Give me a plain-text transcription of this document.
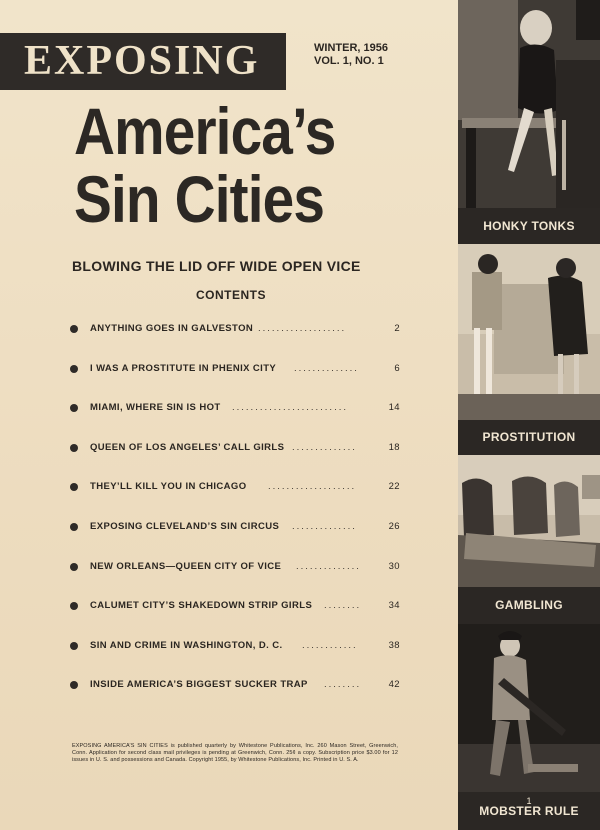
EXPOSING	WINTER, 1956
VOL. 1, NO. 1
America’s
Sin Cities
BLOWING THE LID OFF WIDE OPEN VICE
CONTENTS
ANYTHING GOES IN GALVESTON ...................	2
I WAS A PROSTITUTE IN PHENIX CITY ..............	6
MIAMI, WHERE SIN IS HOT .........................	14
QUEEN OF LOS ANGELES’ CALL GIRLS ..............	18
THEY’LL KILL YOU IN CHICAGO ...................	22
EXPOSING CLEVELAND’S SIN CIRCUS ..............	26
NEW ORLEANS—QUEEN CITY OF VICE ..............	30
CALUMET CITY’S SHAKEDOWN STRIP GIRLS ........	34
SIN AND CRIME IN WASHINGTON, D. C. ............	38
INSIDE AMERICA’S BIGGEST SUCKER TRAP ........	42
EXPOSING AMERICA’S SIN CITIES is published quarterly by Whitestone Publications, Inc. 260 Mason Street, Greenwich, Conn. Application for second class mail privileges is pending at Greenwich, Conn. 25¢ a copy. Subscription price $3.00 for 12 issues in U. S. and possessions and Canada. Copyright 1955, by Whitestone Publications, Inc. Printed in U. S. A.
HONKY TONKS
PROSTITUTION
GAMBLING
MOBSTER RULE
1
